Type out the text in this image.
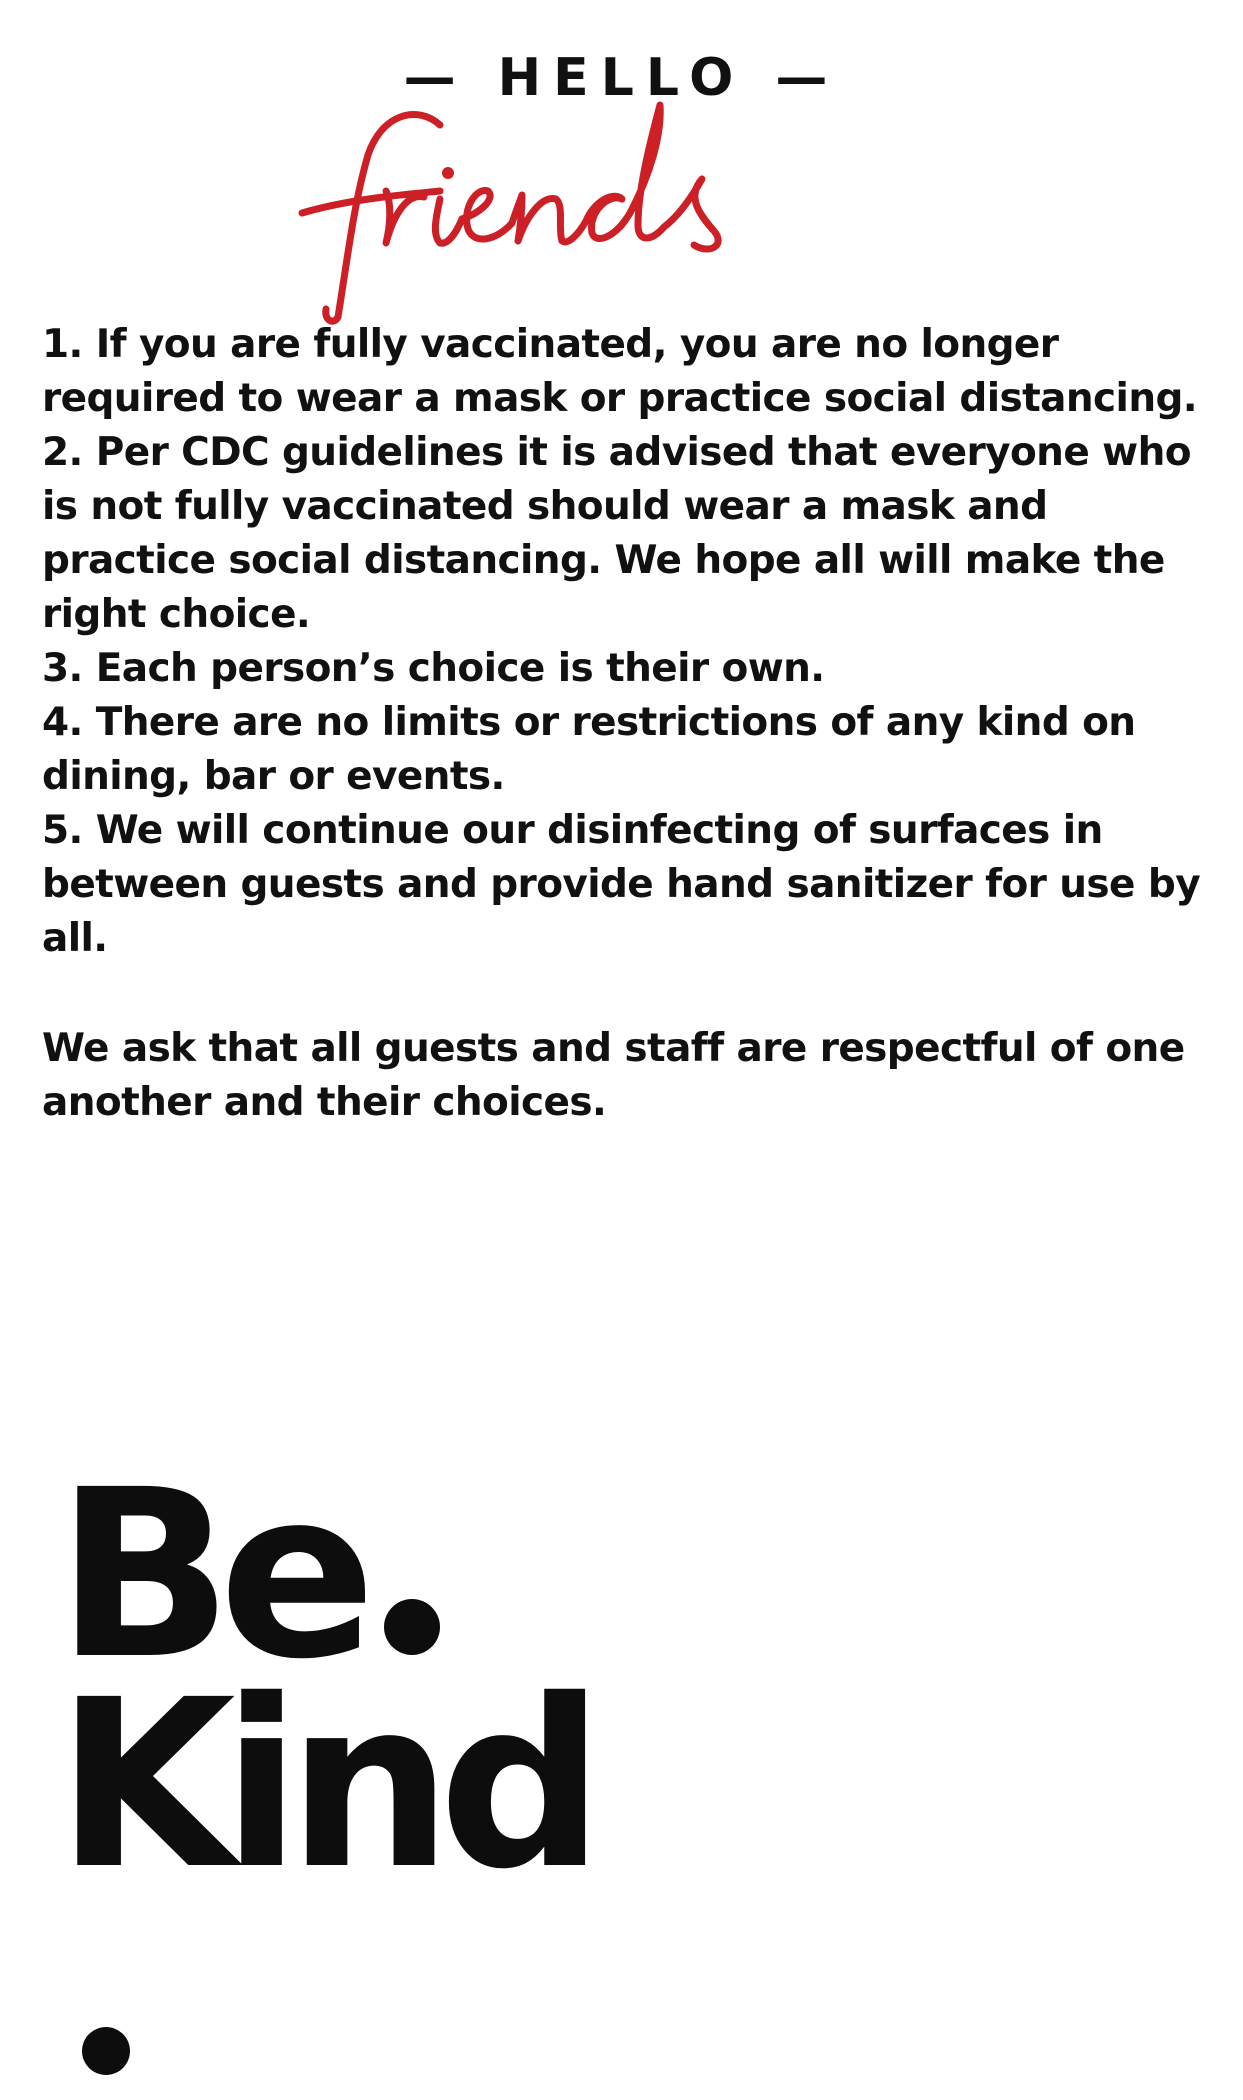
— HELLO —
1. If you are fully vaccinated, you are no longer required to wear a mask or practice social distancing.
2. Per CDC guidelines it is advised that everyone who is not fully vaccinated should wear a mask and practice social distancing. We hope all will make the right choice.
3. Each person’s choice is their own.
4. There are no limits or restrictions of any kind on dining, bar or events.
5. We will continue our disinfecting of surfaces in between guests and provide hand sanitizer for use by all.

We ask that all guests and staff are respectful of one another and their choices.

Be
Kind
